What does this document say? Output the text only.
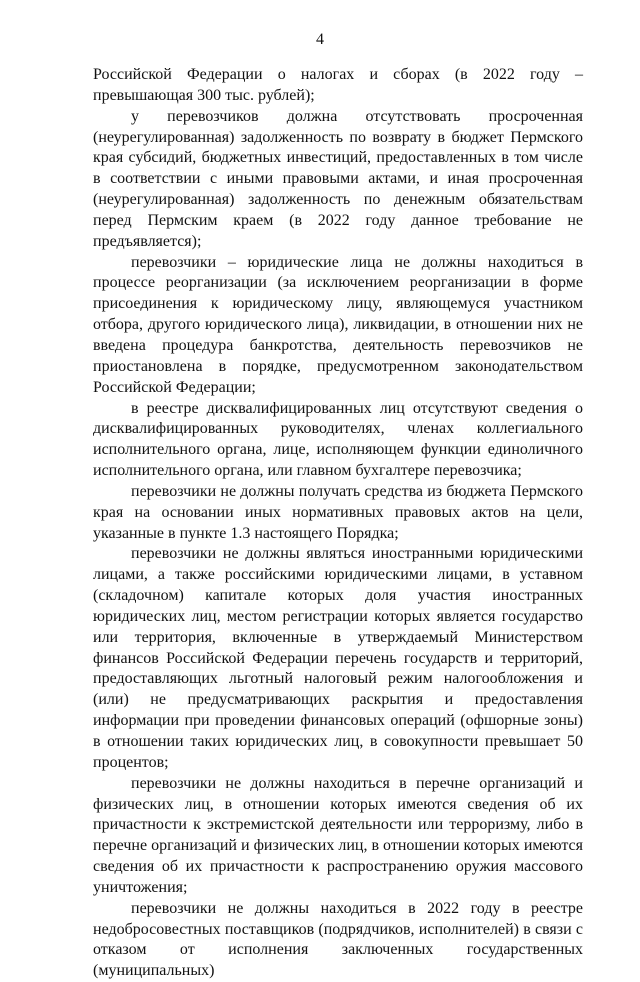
4

Российской Федерации о налогах и сборах (в 2022 году – превышающая 300 тыс. рублей);

у перевозчиков должна отсутствовать просроченная (неурегулированная) задолженность по возврату в бюджет Пермского края субсидий, бюджетных инвестиций, предоставленных в том числе в соответствии с иными правовыми актами, и иная просроченная (неурегулированная) задолженность по денежным обязательствам перед Пермским краем (в 2022 году данное требование не предъявляется);

перевозчики – юридические лица не должны находиться в процессе реорганизации (за исключением реорганизации в форме присоединения к юридическому лицу, являющемуся участником отбора, другого юридического лица), ликвидации, в отношении них не введена процедура банкротства, деятельность перевозчиков не приостановлена в порядке, предусмотренном законодательством Российской Федерации;

в реестре дисквалифицированных лиц отсутствуют сведения о дисквалифицированных руководителях, членах коллегиального исполнительного органа, лице, исполняющем функции единоличного исполнительного органа, или главном бухгалтере перевозчика;

перевозчики не должны получать средства из бюджета Пермского края на основании иных нормативных правовых актов на цели, указанные в пункте 1.3 настоящего Порядка;

перевозчики не должны являться иностранными юридическими лицами, а также российскими юридическими лицами, в уставном (складочном) капитале которых доля участия иностранных юридических лиц, местом регистрации которых является государство или территория, включенные в утверждаемый Министерством финансов Российской Федерации перечень государств и территорий, предоставляющих льготный налоговый режим налогообложения и (или) не предусматривающих раскрытия и предоставления информации при проведении финансовых операций (офшорные зоны) в отношении таких юридических лиц, в совокупности превышает 50 процентов;

перевозчики не должны находиться в перечне организаций и физических лиц, в отношении которых имеются сведения об их причастности к экстремистской деятельности или терроризму, либо в перечне организаций и физических лиц, в отношении которых имеются сведения об их причастности к распространению оружия массового уничтожения;

перевозчики не должны находиться в 2022 году в реестре недобросовестных поставщиков (подрядчиков, исполнителей) в связи с отказом от исполнения заключенных государственных (муниципальных)
